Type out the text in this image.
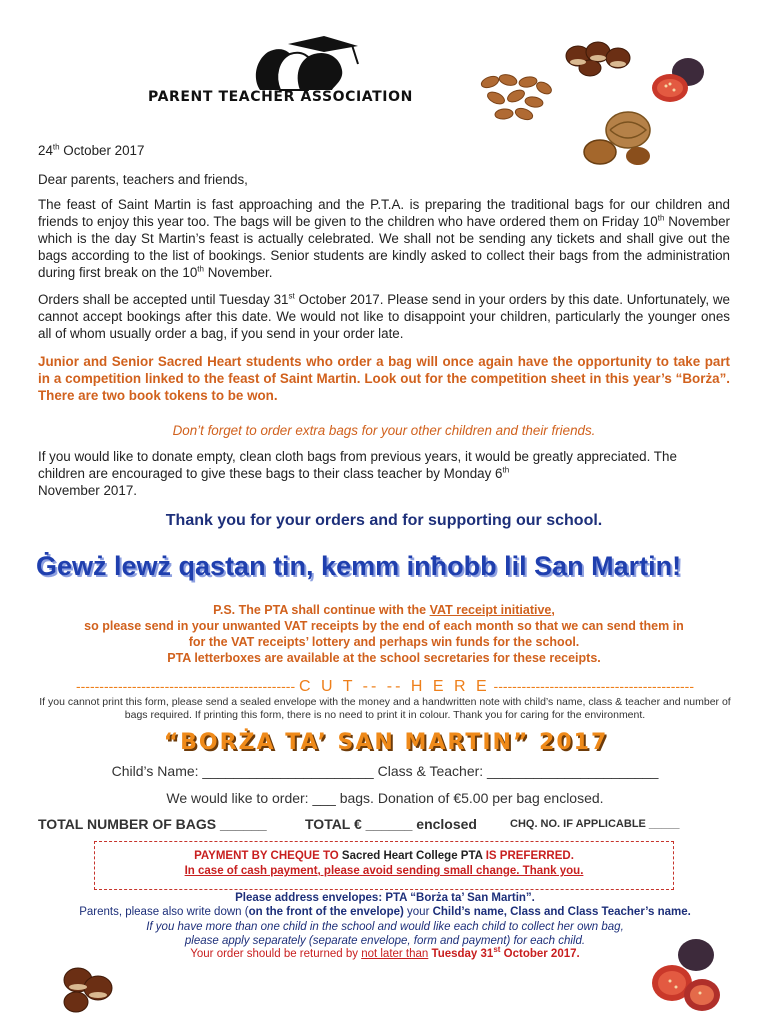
PARENT TEACHER ASSOCIATION
24th October 2017
Dear parents, teachers and friends,
The feast of Saint Martin is fast approaching and the P.T.A. is preparing the traditional bags for our children and friends to enjoy this year too. The bags will be given to the children who have ordered them on Friday 10th November which is the day St Martin’s feast is actually celebrated. We shall not be sending any tickets and shall give out the bags according to the list of bookings. Senior students are kindly asked to collect their bags from the administration during first break on the 10th November.
Orders shall be accepted until Tuesday 31st October 2017. Please send in your orders by this date. Unfortunately, we cannot accept bookings after this date. We would not like to disappoint your children, particularly the younger ones all of whom usually order a bag, if you send in your order late.
Junior and Senior Sacred Heart students who order a bag will once again have the opportunity to take part in a competition linked to the feast of Saint Martin. Look out for the competition sheet in this year’s “Borża”. There are two book tokens to be won.
Don’t forget to order extra bags for your other children and their friends.
If you would like to donate empty, clean cloth bags from previous years, it would be greatly appreciated. The children are encouraged to give these bags to their class teacher by Monday 6th
November 2017.
Thank you for your orders and for supporting our school.
Ġewż lewż qastan tin, kemm inħobb lil San Martin!
P.S. The PTA shall continue with the VAT receipt initiative,
so please send in your unwanted VAT receipts by the end of each month so that we can send them in
for the VAT receipts’ lottery and perhaps win funds for the school.
PTA letterboxes are available at the school secretaries for these receipts.
----------------------------------------------- C U T -- -- H E R E -------------------------------------------
If you cannot print this form, please send a sealed envelope with the money and a handwritten note with child’s name, class & teacher and number of bags required. If printing this form, there is no need to print it in colour. Thank you for caring for the environment.
“BORŻA TA’ SAN MARTIN” 2017
Child’s Name: ______________________ Class & Teacher: ______________________
We would like to order: ___ bags. Donation of €5.00 per bag enclosed.
TOTAL NUMBER OF BAGS ______	TOTAL € ______ enclosed	CHQ. NO. IF APPLICABLE _____
PAYMENT BY CHEQUE TO Sacred Heart College PTA IS PREFERRED.
In case of cash payment, please avoid sending small change. Thank you.
Please address envelopes: PTA “Borża ta’ San Martin”.
Parents, please also write down (on the front of the envelope) your Child’s name, Class and Class Teacher’s name.
If you have more than one child in the school and would like each child to collect her own bag,
please apply separately (separate envelope, form and payment) for each child.
Your order should be returned by not later than Tuesday 31st October 2017.
